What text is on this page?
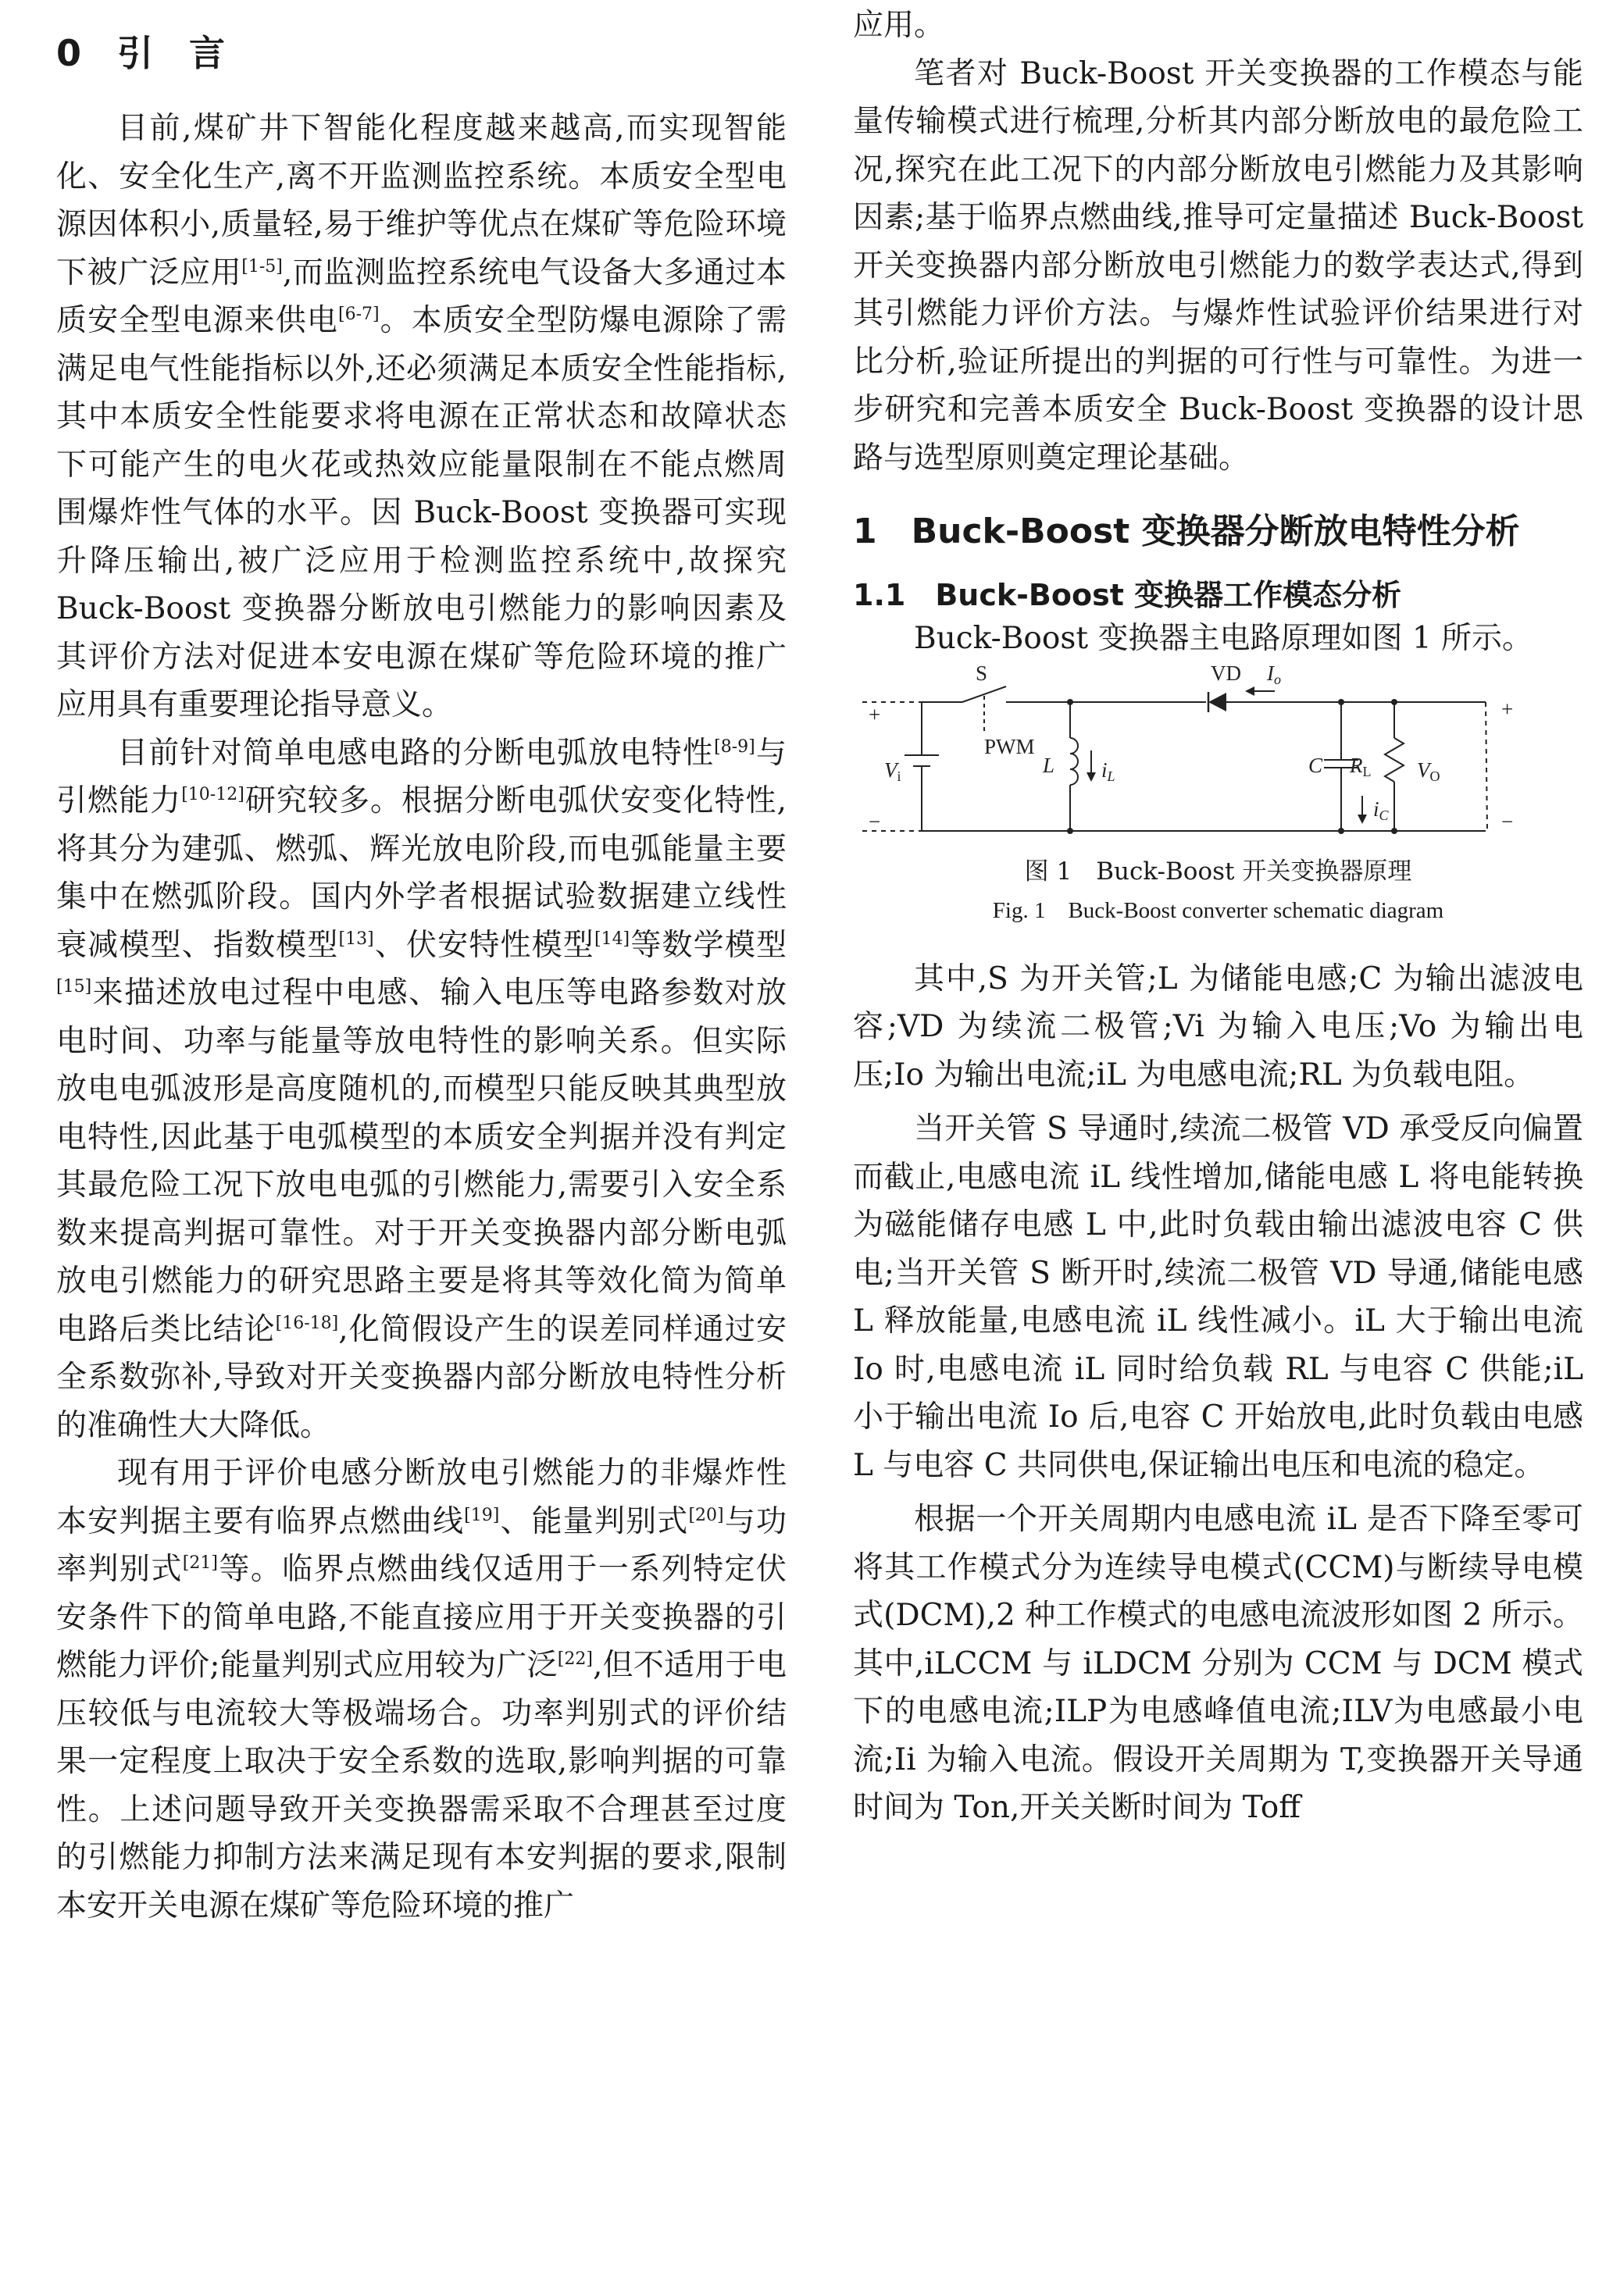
0　引　言

目前,煤矿井下智能化程度越来越高,而实现智能化、安全化生产,离不开监测监控系统。本质安全型电源因体积小,质量轻,易于维护等优点在煤矿等危险环境下被广泛应用[1-5],而监测监控系统电气设备大多通过本质安全型电源来供电[6-7]。本质安全型防爆电源除了需满足电气性能指标以外,还必须满足本质安全性能指标,其中本质安全性能要求将电源在正常状态和故障状态下可能产生的电火花或热效应能量限制在不能点燃周围爆炸性气体的水平。因 Buck-Boost 变换器可实现升降压输出,被广泛应用于检测监控系统中,故探究 Buck-Boost 变换器分断放电引燃能力的影响因素及其评价方法对促进本安电源在煤矿等危险环境的推广应用具有重要理论指导意义。

目前针对简单电感电路的分断电弧放电特性[8-9]与引燃能力[10-12]研究较多。根据分断电弧伏安变化特性,将其分为建弧、燃弧、辉光放电阶段,而电弧能量主要集中在燃弧阶段。国内外学者根据试验数据建立线性衰减模型、指数模型[13]、伏安特性模型[14]等数学模型[15]来描述放电过程中电感、输入电压等电路参数对放电时间、功率与能量等放电特性的影响关系。但实际放电电弧波形是高度随机的,而模型只能反映其典型放电特性,因此基于电弧模型的本质安全判据并没有判定其最危险工况下放电电弧的引燃能力,需要引入安全系数来提高判据可靠性。对于开关变换器内部分断电弧放电引燃能力的研究思路主要是将其等效化简为简单电路后类比结论[16-18],化简假设产生的误差同样通过安全系数弥补,导致对开关变换器内部分断放电特性分析的准确性大大降低。

现有用于评价电感分断放电引燃能力的非爆炸性本安判据主要有临界点燃曲线[19]、能量判别式[20]与功率判别式[21]等。临界点燃曲线仅适用于一系列特定伏安条件下的简单电路,不能直接应用于开关变换器的引燃能力评价;能量判别式应用较为广泛[22],但不适用于电压较低与电流较大等极端场合。功率判别式的评价结果一定程度上取决于安全系数的选取,影响判据的可靠性。上述问题导致开关变换器需采取不合理甚至过度的引燃能力抑制方法来满足现有本安判据的要求,限制本安开关电源在煤矿等危险环境的推广

应用。

笔者对 Buck-Boost 开关变换器的工作模态与能量传输模式进行梳理,分析其内部分断放电的最危险工况,探究在此工况下的内部分断放电引燃能力及其影响因素;基于临界点燃曲线,推导可定量描述 Buck-Boost 开关变换器内部分断放电引燃能力的数学表达式,得到其引燃能力评价方法。与爆炸性试验评价结果进行对比分析,验证所提出的判据的可行性与可靠性。为进一步研究和完善本质安全 Buck-Boost 变换器的设计思路与选型原则奠定理论基础。

1　Buck-Boost 变换器分断放电特性分析
1.1　Buck-Boost 变换器工作模态分析

Buck-Boost 变换器主电路原理如图 1 所示。

S	VD Io
PWM
Vi	L iL	C
iC
RL VO
+
−
+
−

图 1　Buck-Boost 开关变换器原理

Fig. 1　Buck-Boost converter schematic diagram

其中,S 为开关管;L 为储能电感;C 为输出滤波电容;VD 为续流二极管;Vi 为输入电压;Vo 为输出电压;Io 为输出电流;iL 为电感电流;RL 为负载电阻。

当开关管 S 导通时,续流二极管 VD 承受反向偏置而截止,电感电流 iL 线性增加,储能电感 L 将电能转换为磁能储存电感 L 中,此时负载由输出滤波电容 C 供电;当开关管 S 断开时,续流二极管 VD 导通,储能电感 L 释放能量,电感电流 iL 线性减小。iL 大于输出电流 Io 时,电感电流 iL 同时给负载 RL 与电容 C 供能;iL 小于输出电流 Io 后,电容 C 开始放电,此时负载由电感 L 与电容 C 共同供电,保证输出电压和电流的稳定。

根据一个开关周期内电感电流 iL 是否下降至零可将其工作模式分为连续导电模式(CCM)与断续导电模式(DCM),2 种工作模式的电感电流波形如图 2 所示。其中,iLCCM 与 iLDCM 分别为 CCM 与 DCM 模式下的电感电流;ILP为电感峰值电流;ILV为电感最小电流;Ii 为输入电流。假设开关周期为 T,变换器开关导通时间为 Ton,开关关断时间为 Toff
